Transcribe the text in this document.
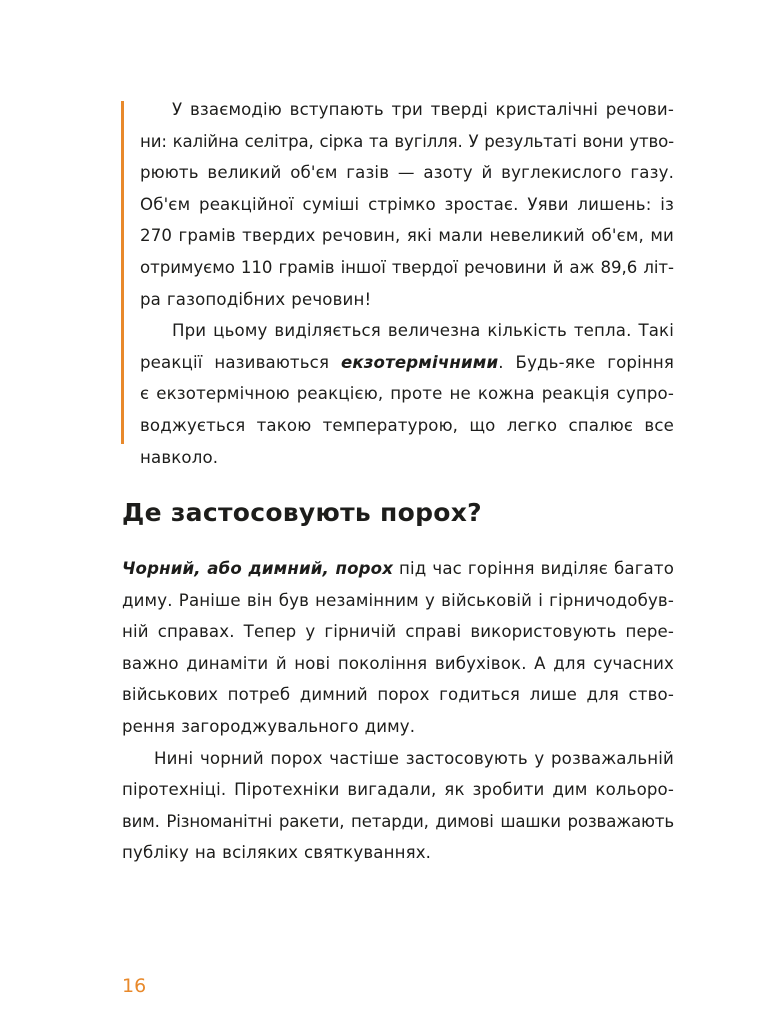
У взаємодію вступають три тверді кристалічні речови-
ни: калійна селітра, сірка та вугілля. У результаті вони утво-
рюють великий об'єм газів — азоту й вуглекислого газу.
Об'єм реакційної суміші стрімко зростає. Уяви лишень: із
270 грамів твердих речовин, які мали невеликий об'єм, ми
отримуємо 110 грамів іншої твердої речовини й аж 89,6 літ-
ра газоподібних речовин!
При цьому виділяється величезна кількість тепла. Такі
реакції називаються екзотермічними. Будь-яке горіння
є екзотермічною реакцією, проте не кожна реакція супро-
воджується такою температурою, що легко спалює все
навколо.
Де застосовують порох?
Чорний, або димний, порох під час горіння виділяє багато
диму. Раніше він був незамінним у військовій і гірничодобув-
ній справах. Тепер у гірничій справі використовують пере-
важно динаміти й нові покоління вибухівок. А для сучасних
військових потреб димний порох годиться лише для ство-
рення загороджувального диму.
Нині чорний порох частіше застосовують у розважальній
піротехніці. Піротехніки вигадали, як зробити дим кольоро-
вим. Різноманітні ракети, петарди, димові шашки розважають
публіку на всіляких святкуваннях.
16
